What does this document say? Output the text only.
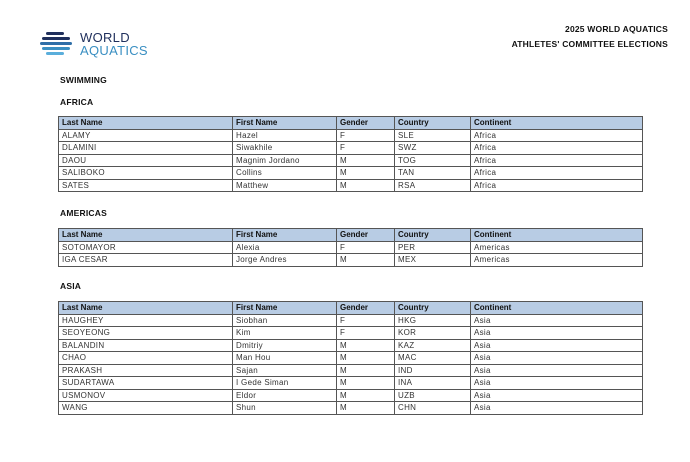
WORLD
AQUATICS
2025 WORLD AQUATICS
ATHLETES' COMMITTEE ELECTIONS
SWIMMING
AFRICA
Last Name	First Name	Gender	Country	Continent
ALAMY	Hazel	F	SLE	Africa
DLAMINI	Siwakhile	F	SWZ	Africa
DAOU	Magnim Jordano	M	TOG	Africa
SALIBOKO	Collins	M	TAN	Africa
SATES	Matthew	M	RSA	Africa
AMERICAS
Last Name	First Name	Gender	Country	Continent
SOTOMAYOR	Alexia	F	PER	Americas
IGA CESAR	Jorge Andres	M	MEX	Americas
ASIA
Last Name	First Name	Gender	Country	Continent
HAUGHEY	Siobhan	F	HKG	Asia
SEOYEONG	Kim	F	KOR	Asia
BALANDIN	Dmitriy	M	KAZ	Asia
CHAO	Man Hou	M	MAC	Asia
PRAKASH	Sajan	M	IND	Asia
SUDARTAWA	I Gede Siman	M	INA	Asia
USMONOV	Eldor	M	UZB	Asia
WANG	Shun	M	CHN	Asia
